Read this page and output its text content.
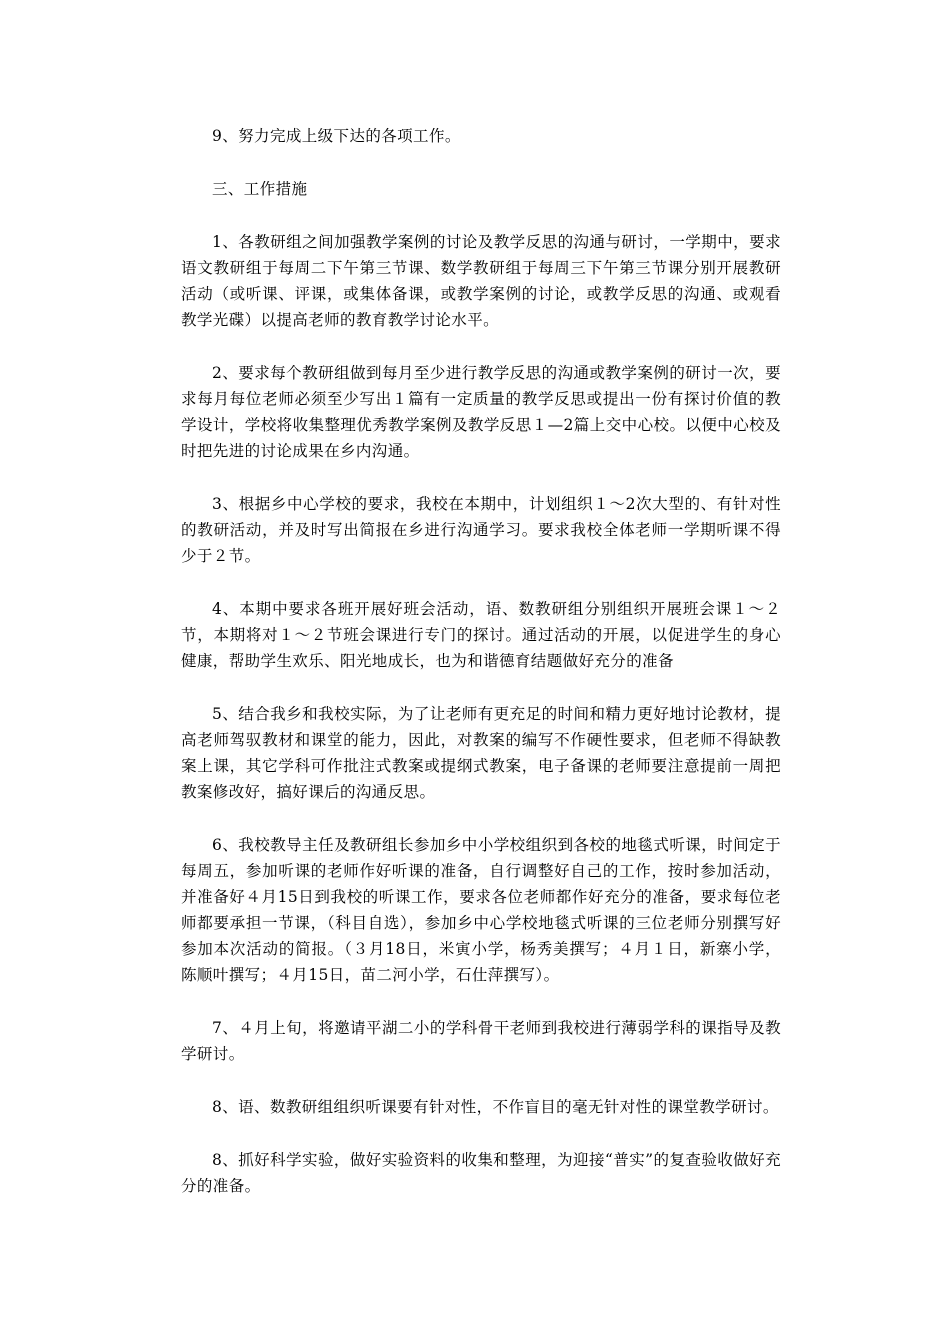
9、努力完成上级下达的各项工作。

三、工作措施

1、各教研组之间加强教学案例的讨论及教学反思的沟通与研讨，一学期中，要求语文教研组于每周二下午第三节课、数学教研组于每周三下午第三节课分别开展教研活动（或听课、评课，或集体备课，或教学案例的讨论，或教学反思的沟通、或观看教学光碟）以提高老师的教育教学讨论水平。

2、要求每个教研组做到每月至少进行教学反思的沟通或教学案例的研讨一次，要求每月每位老师必须至少写出１篇有一定质量的教学反思或提出一份有探讨价值的教学设计，学校将收集整理优秀教学案例及教学反思１—2篇上交中心校。以便中心校及时把先进的讨论成果在乡内沟通。

3、根据乡中心学校的要求，我校在本期中，计划组织１～2次大型的、有针对性的教研活动，并及时写出简报在乡进行沟通学习。要求我校全体老师一学期听课不得少于２节。

4、本期中要求各班开展好班会活动，语、数教研组分别组织开展班会课１～２节，本期将对１～２节班会课进行专门的探讨。通过活动的开展，以促进学生的身心健康，帮助学生欢乐、阳光地成长，也为和谐德育结题做好充分的准备

5、结合我乡和我校实际，为了让老师有更充足的时间和精力更好地讨论教材，提高老师驾驭教材和课堂的能力，因此，对教案的编写不作硬性要求，但老师不得缺教案上课，其它学科可作批注式教案或提纲式教案，电子备课的老师要注意提前一周把教案修改好，搞好课后的沟通反思。

6、我校教导主任及教研组长参加乡中小学校组织到各校的地毯式听课，时间定于每周五，参加听课的老师作好听课的准备，自行调整好自己的工作，按时参加活动，并准备好４月15日到我校的听课工作，要求各位老师都作好充分的准备，要求每位老师都要承担一节课，（科目自选），参加乡中心学校地毯式听课的三位老师分别撰写好参加本次活动的简报。（３月18日，米寅小学，杨秀美撰写；４月１日，新寨小学，陈顺叶撰写；４月15日，苗二河小学，石仕萍撰写）。

7、４月上旬，将邀请平湖二小的学科骨干老师到我校进行薄弱学科的课指导及教学研讨。

8、语、数教研组组织听课要有针对性，不作盲目的毫无针对性的课堂教学研讨。

8、抓好科学实验，做好实验资料的收集和整理，为迎接“普实”的复查验收做好充分的准备。
